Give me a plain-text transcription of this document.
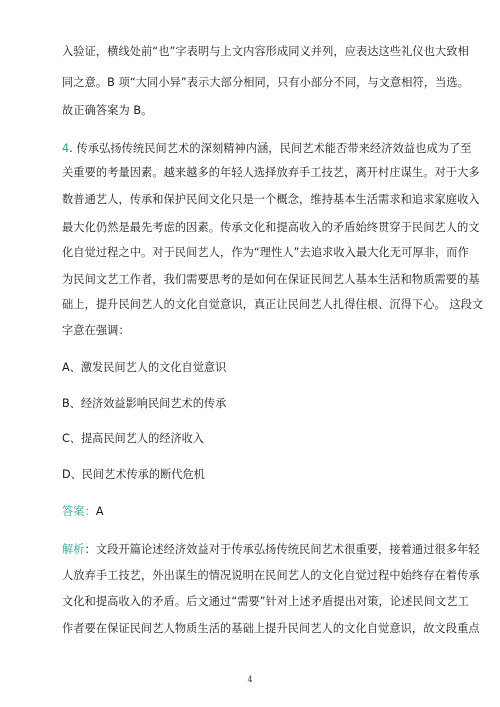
入验证，横线处前“也”字表明与上文内容形成同义并列，应表达这些礼仪也大致相
同之意。B 项“大同小异”表示大部分相同，只有小部分不同，与文意相符，当选。
故正确答案为 B。
4. 传承弘扬传统民间艺术的深刻精神内涵，民间艺术能否带来经济效益也成为了至
关重要的考量因素。越来越多的年轻人选择放弃手工技艺，离开村庄谋生。对于大多
数普通艺人，传承和保护民间文化只是一个概念，维持基本生活需求和追求家庭收入
最大化仍然是最先考虑的因素。传承文化和提高收入的矛盾始终贯穿于民间艺人的文
化自觉过程之中。对于民间艺人，作为“理性人”去追求收入最大化无可厚非，而作
为民间文艺工作者，我们需要思考的是如何在保证民间艺人基本生活和物质需要的基
础上，提升民间艺人的文化自觉意识，真正让民间艺人扎得住根、沉得下心。 这段文
字意在强调：
A、激发民间艺人的文化自觉意识
B、经济效益影响民间艺术的传承
C、提高民间艺人的经济收入
D、民间艺术传承的断代危机
答案：A
解析：文段开篇论述经济效益对于传承弘扬传统民间艺术很重要，接着通过很多年轻
人放弃手工技艺，外出谋生的情况说明在民间艺人的文化自觉过程中始终存在着传承
文化和提高收入的矛盾。后文通过“需要”针对上述矛盾提出对策，论述民间文艺工
作者要在保证民间艺人物质生活的基础上提升民间艺人的文化自觉意识，故文段重点
4
